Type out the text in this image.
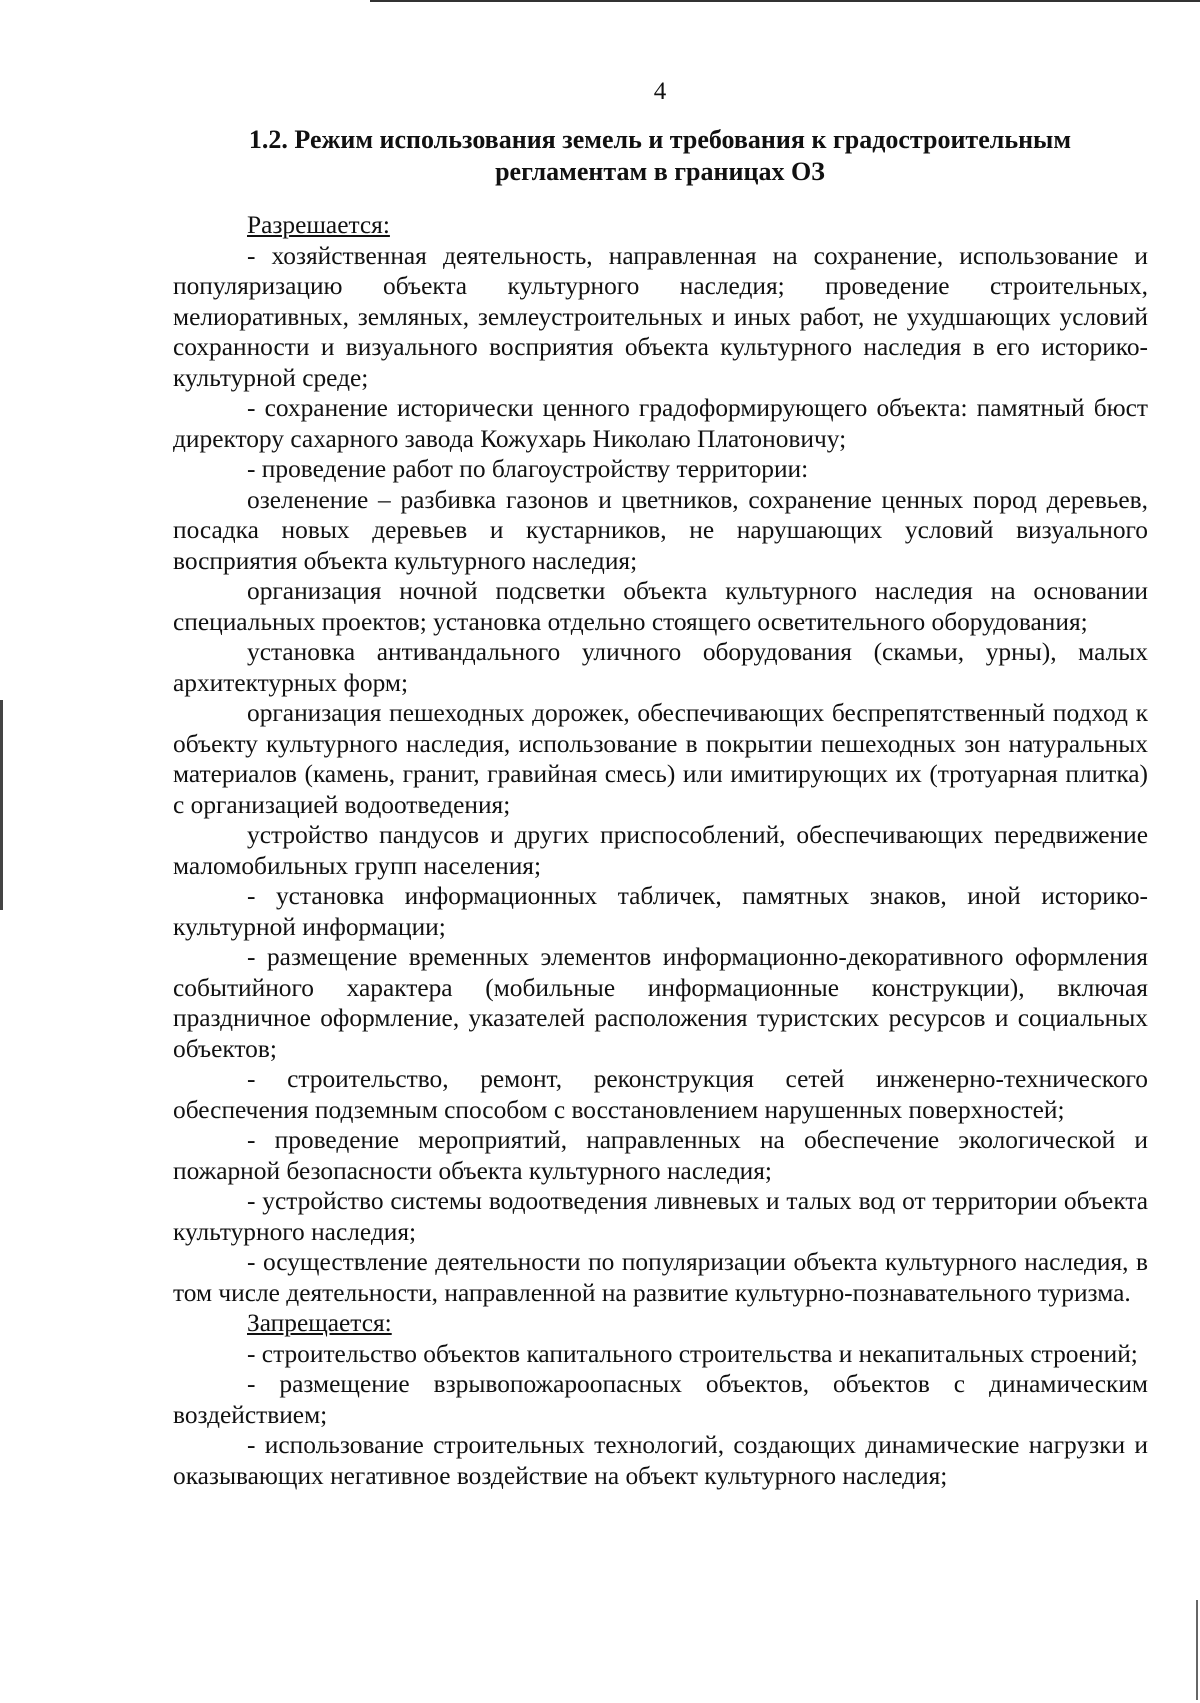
4
1.2. Режим использования земель и требования к градостроительным
регламентам в границах ОЗ

Разрешается:

- хозяйственная деятельность, направленная на сохранение, использование и популяризацию объекта культурного наследия; проведение строительных, мелиоративных, земляных, землеустроительных и иных работ, не ухудшающих условий сохранности и визуального восприятия объекта культурного наследия в его историко-культурной среде;

- сохранение исторически ценного градоформирующего объекта: памятный бюст директору сахарного завода Кожухарь Николаю Платоновичу;

- проведение работ по благоустройству территории:

озеленение – разбивка газонов и цветников, сохранение ценных пород деревьев, посадка новых деревьев и кустарников, не нарушающих условий визуального восприятия объекта культурного наследия;

организация ночной подсветки объекта культурного наследия на основании специальных проектов; установка отдельно стоящего осветительного оборудования;

установка антивандального уличного оборудования (скамьи, урны), малых архитектурных форм;

организация пешеходных дорожек, обеспечивающих беспрепятственный подход к объекту культурного наследия, использование в покрытии пешеходных зон натуральных материалов (камень, гранит, гравийная смесь) или имитирующих их (тротуарная плитка) с организацией водоотведения;

устройство пандусов и других приспособлений, обеспечивающих передвижение маломобильных групп населения;

- установка информационных табличек, памятных знаков, иной историко-культурной информации;

- размещение временных элементов информационно-декоративного оформления событийного характера (мобильные информационные конструкции), включая праздничное оформление, указателей расположения туристских ресурсов и социальных объектов;

- строительство, ремонт, реконструкция сетей инженерно-технического обеспечения подземным способом с восстановлением нарушенных поверхностей;

- проведение мероприятий, направленных на обеспечение экологической и пожарной безопасности объекта культурного наследия;

- устройство системы водоотведения ливневых и талых вод от территории объекта культурного наследия;

- осуществление деятельности по популяризации объекта культурного наследия, в том числе деятельности, направленной на развитие культурно-познавательного туризма.

Запрещается:

- строительство объектов капитального строительства и некапитальных строений;

- размещение взрывопожароопасных объектов, объектов с динамическим воздействием;

- использование строительных технологий, создающих динамические нагрузки и оказывающих негативное воздействие на объект культурного наследия;
